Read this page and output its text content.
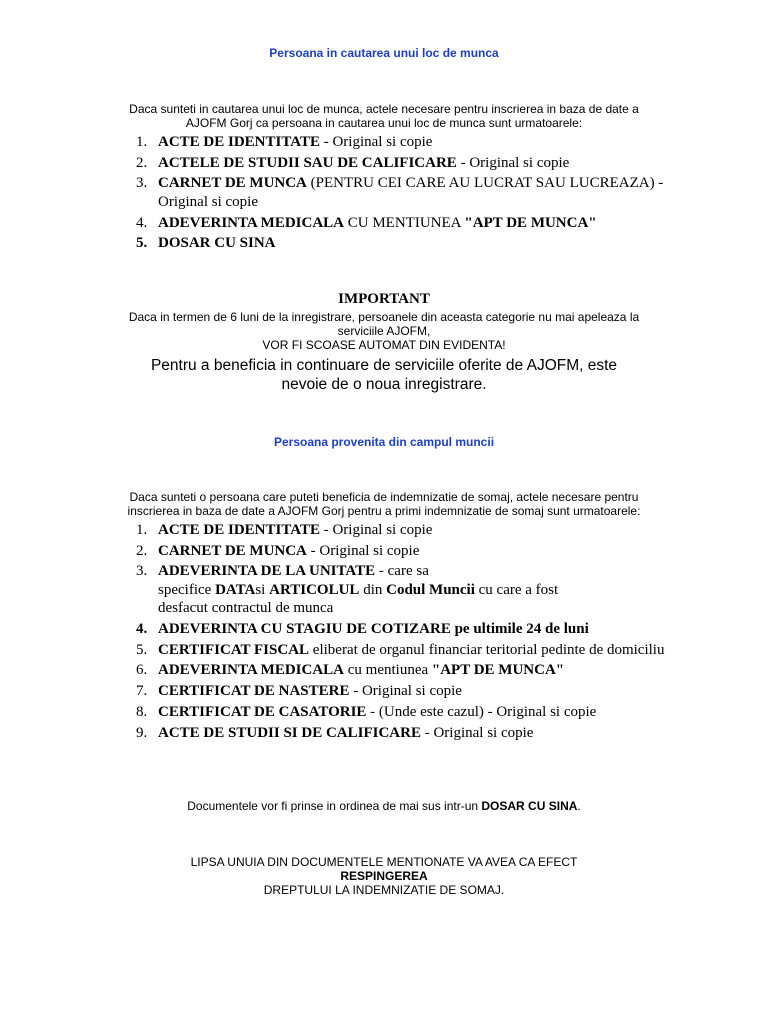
Persoana in cautarea unui loc de munca

Daca sunteti in cautarea unui loc de munca, actele necesare pentru inscrierea in baza de date a
AJOFM Gorj ca persoana in cautarea unui loc de munca sunt urmatoarele:

1. ACTE DE IDENTITATE - Original si copie
2. ACTELE DE STUDII SAU DE CALIFICARE - Original si copie
3. CARNET DE MUNCA (PENTRU CEI CARE AU LUCRAT SAU LUCREAZA) - Original si copie
4. ADEVERINTA MEDICALA CU MENTIUNEA "APT DE MUNCA"
5. DOSAR CU SINA
IMPORTANT

Daca in termen de 6 luni de la inregistrare, persoanele din aceasta categorie nu mai apeleaza la
serviciile AJOFM,
VOR FI SCOASE AUTOMAT DIN EVIDENTA!

Pentru a beneficia in continuare de serviciile oferite de AJOFM, este
nevoie de o noua inregistrare.

Persoana provenita din campul muncii

Daca sunteti o persoana care puteti beneficia de indemnizatie de somaj, actele necesare pentru
inscrierea in baza de date a AJOFM Gorj pentru a primi indemnizatie de somaj sunt urmatoarele:

1. ACTE DE IDENTITATE - Original si copie
2. CARNET DE MUNCA - Original si copie
3. ADEVERINTA DE LA UNITATE - care sa
specifice DATAsi ARTICOLUL din Codul Muncii cu care a fost
desfacut contractul de munca
4. ADEVERINTA CU STAGIU DE COTIZARE pe ultimile 24 de luni
5. CERTIFICAT FISCAL eliberat de organul financiar teritorial pedinte de domiciliu
6. ADEVERINTA MEDICALA cu mentiunea "APT DE MUNCA"
7. CERTIFICAT DE NASTERE - Original si copie
8. CERTIFICAT DE CASATORIE - (Unde este cazul) - Original si copie
9. ACTE DE STUDII SI DE CALIFICARE - Original si copie

Documentele vor fi prinse in ordinea de mai sus intr-un DOSAR CU SINA.

LIPSA UNUIA DIN DOCUMENTELE MENTIONATE VA AVEA CA EFECT
RESPINGEREA
DREPTULUI LA INDEMNIZATIE DE SOMAJ.
